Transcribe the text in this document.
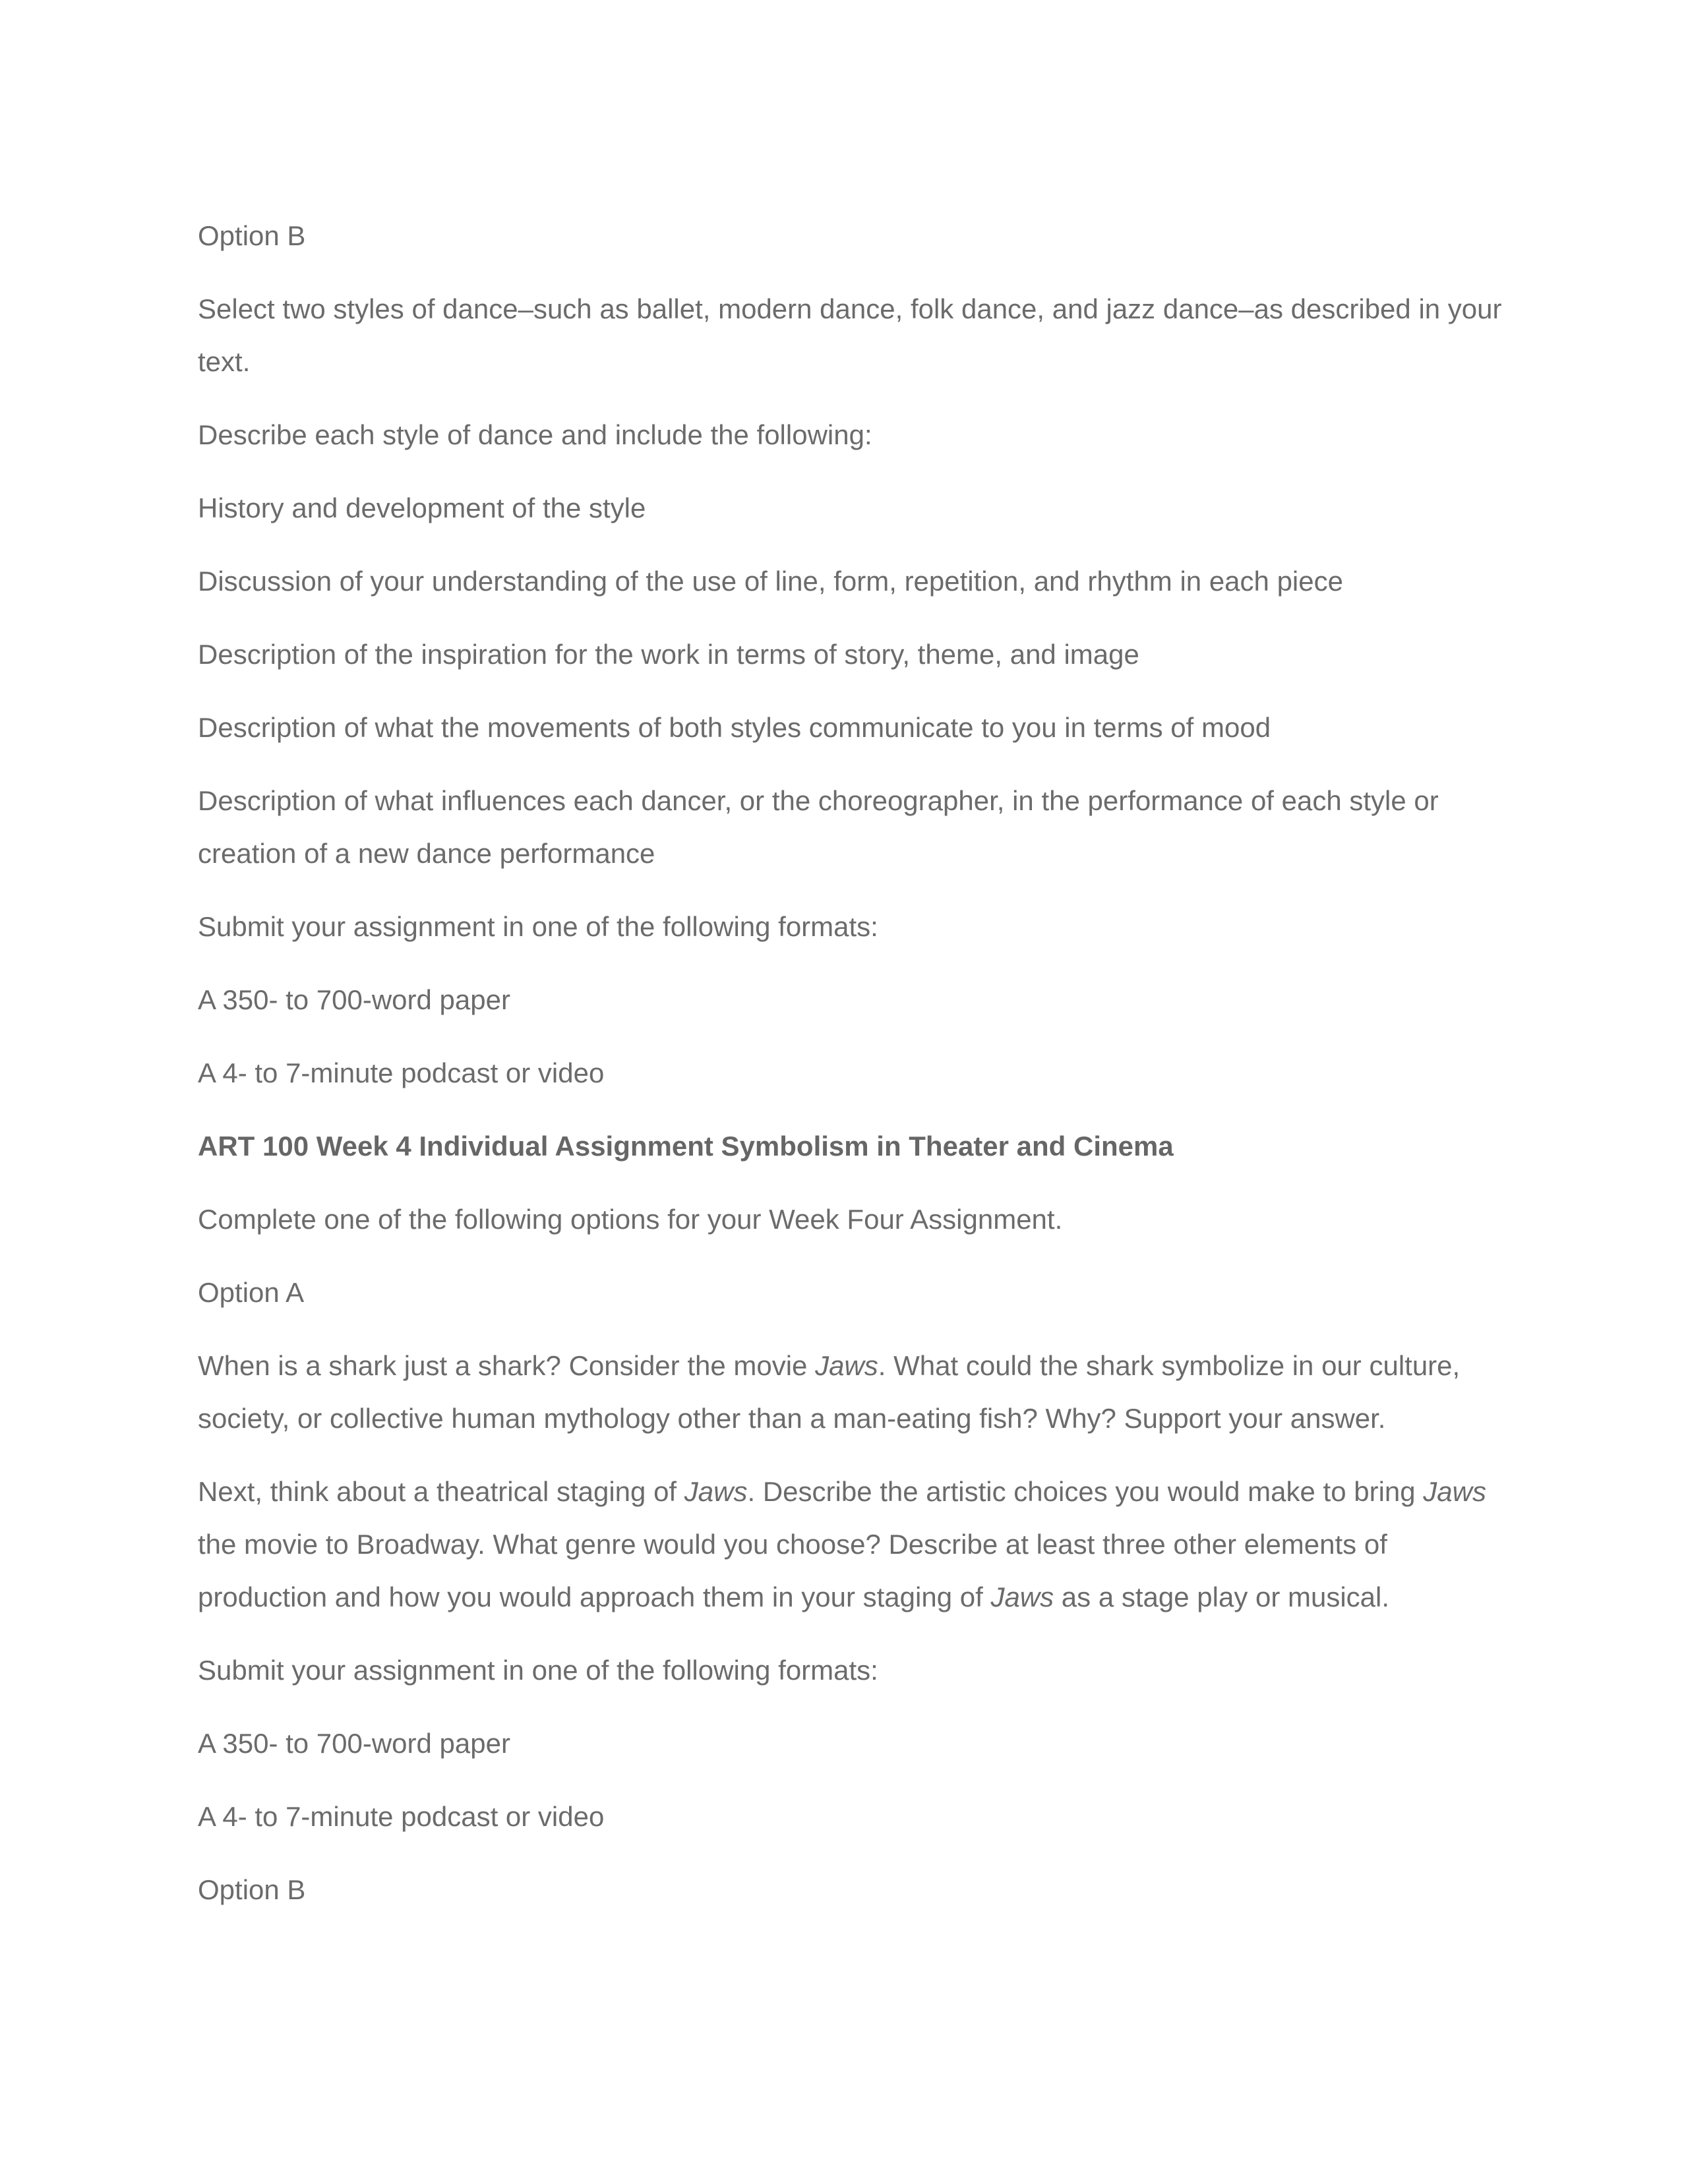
Option B

Select two styles of dance–such as ballet, modern dance, folk dance, and jazz dance–as described in your text.

Describe each style of dance and include the following:

History and development of the style

Discussion of your understanding of the use of line, form, repetition, and rhythm in each piece

Description of the inspiration for the work in terms of story, theme, and image

Description of what the movements of both styles communicate to you in terms of mood

Description of what influences each dancer, or the choreographer, in the performance of each style or creation of a new dance performance

Submit your assignment in one of the following formats:

A 350- to 700-word paper

A 4- to 7-minute podcast or video

ART 100 Week 4 Individual Assignment Symbolism in Theater and Cinema

Complete one of the following options for your Week Four Assignment.

Option A

When is a shark just a shark? Consider the movie Jaws. What could the shark symbolize in our culture, society, or collective human mythology other than a man-eating fish? Why? Support your answer.

Next, think about a theatrical staging of Jaws. Describe the artistic choices you would make to bring Jaws the movie to Broadway. What genre would you choose? Describe at least three other elements of production and how you would approach them in your staging of Jaws as a stage play or musical.

Submit your assignment in one of the following formats:

A 350- to 700-word paper

A 4- to 7-minute podcast or video

Option B
